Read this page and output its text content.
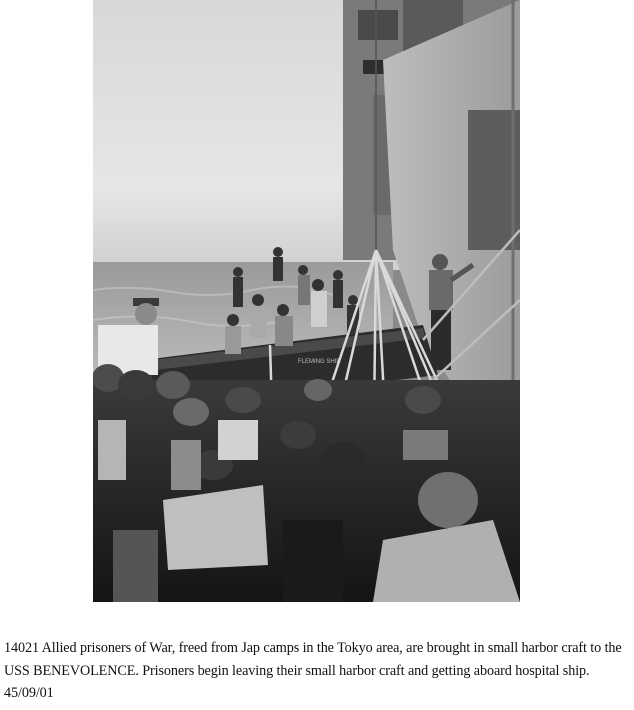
FLEMING SHIP
14021 Allied prisoners of War, freed from Jap camps in the Tokyo area, are brought in small harbor craft to the USS BENEVOLENCE. Prisoners begin leaving their small harbor craft and getting aboard hospital ship. 45/09/01
